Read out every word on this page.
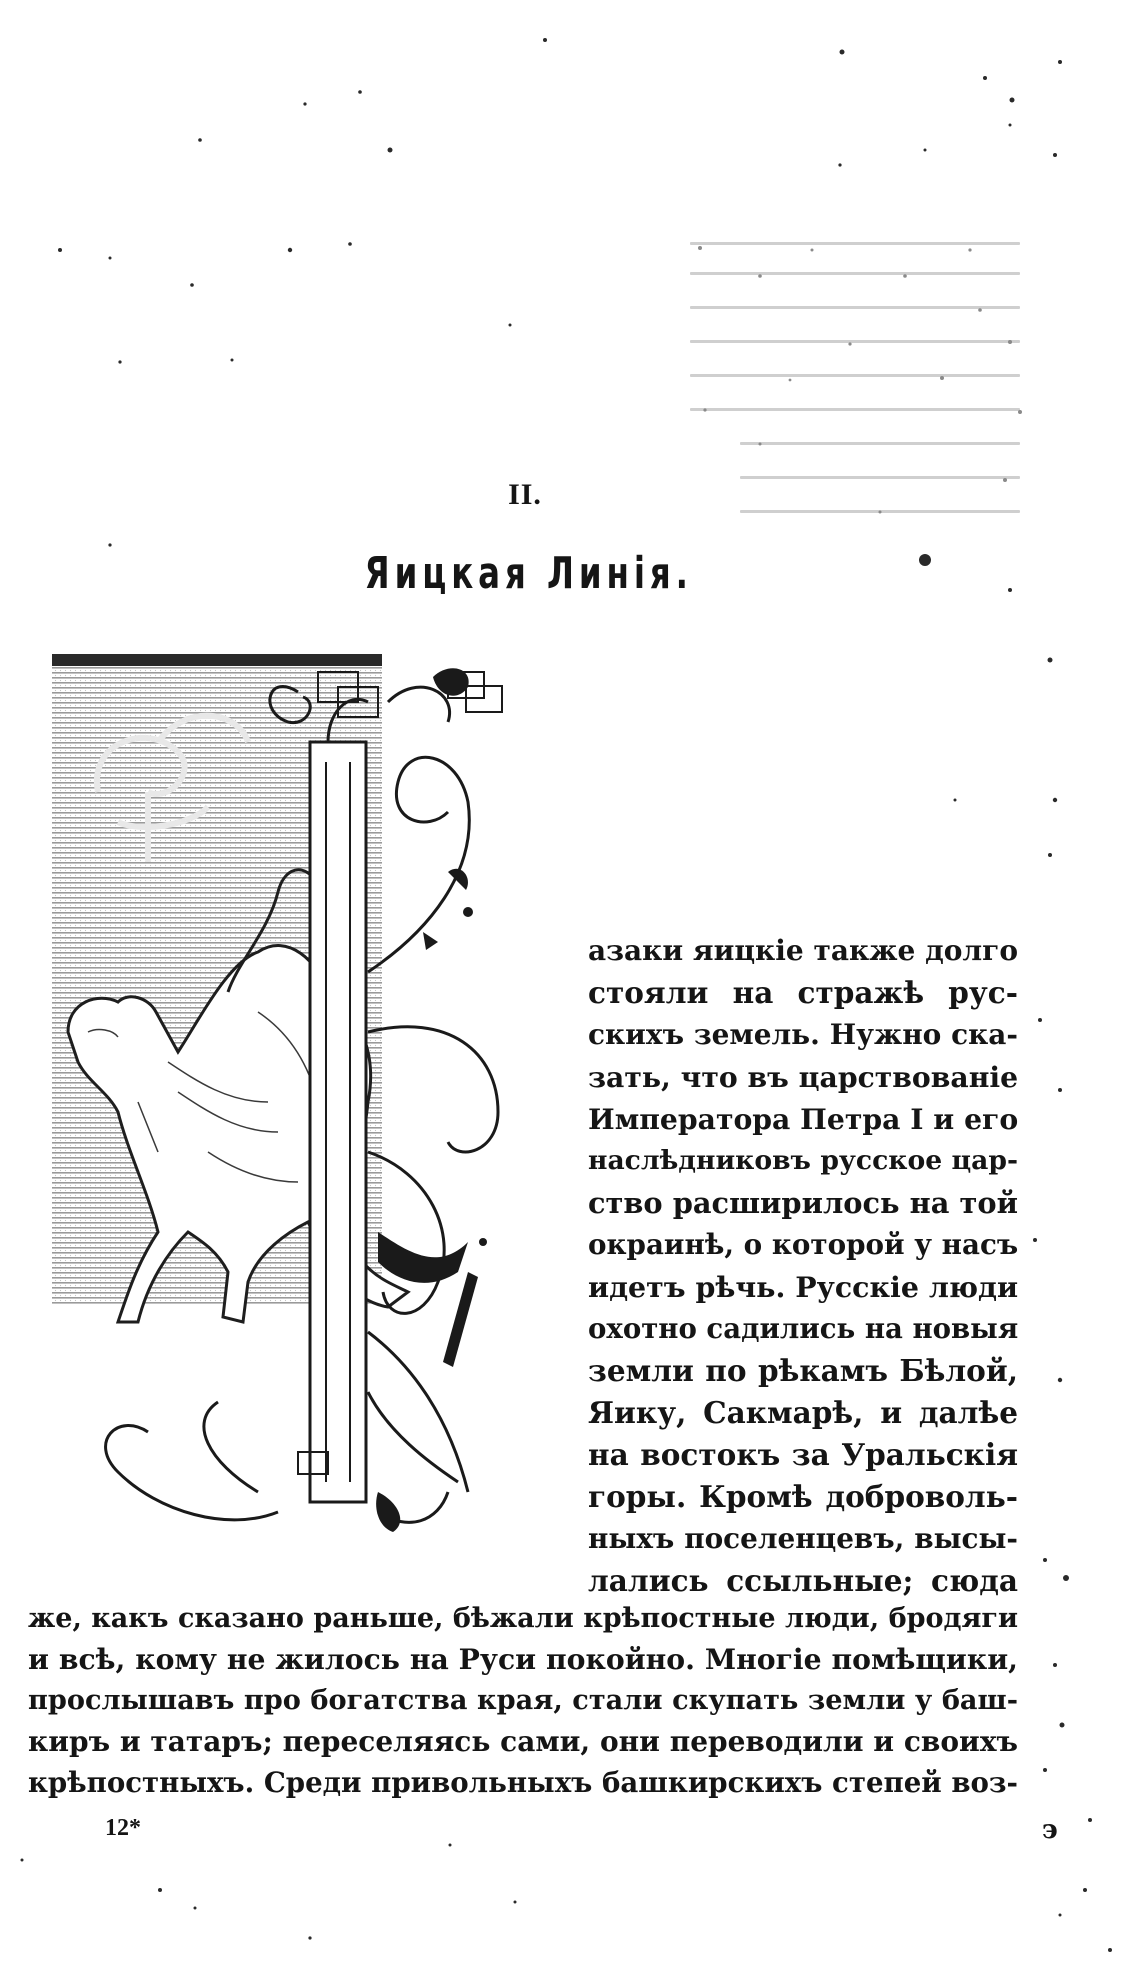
II.
Яицкая Линія.
азаки яицкіе также долго
стояли на стражѣ рус-
скихъ земель. Нужно ска-
зать, что въ царствованіе
Императора Петра I и его
наслѣдниковъ русское цар-
ство расширилось на той
окраинѣ, о которой у насъ
идетъ рѣчь. Русскіе люди
охотно садились на новыя
земли по рѣкамъ Бѣлой,
Яику, Сакмарѣ, и далѣе
на востокъ за Уральскія
горы. Кромѣ доброволь-
ныхъ поселенцевъ, высы-
лались ссыльные; сюда
же, какъ сказано раньше, бѣжали крѣпостные люди, бродяги
и всѣ, кому не жилось на Руси покойно. Многіе помѣщики,
прослышавъ про богатства края, стали скупать земли у баш-
киръ и татаръ; переселяясь сами, они переводили и своихъ
крѣпостныхъ. Среди привольныхъ башкирскихъ степей воз-
12*	϶
